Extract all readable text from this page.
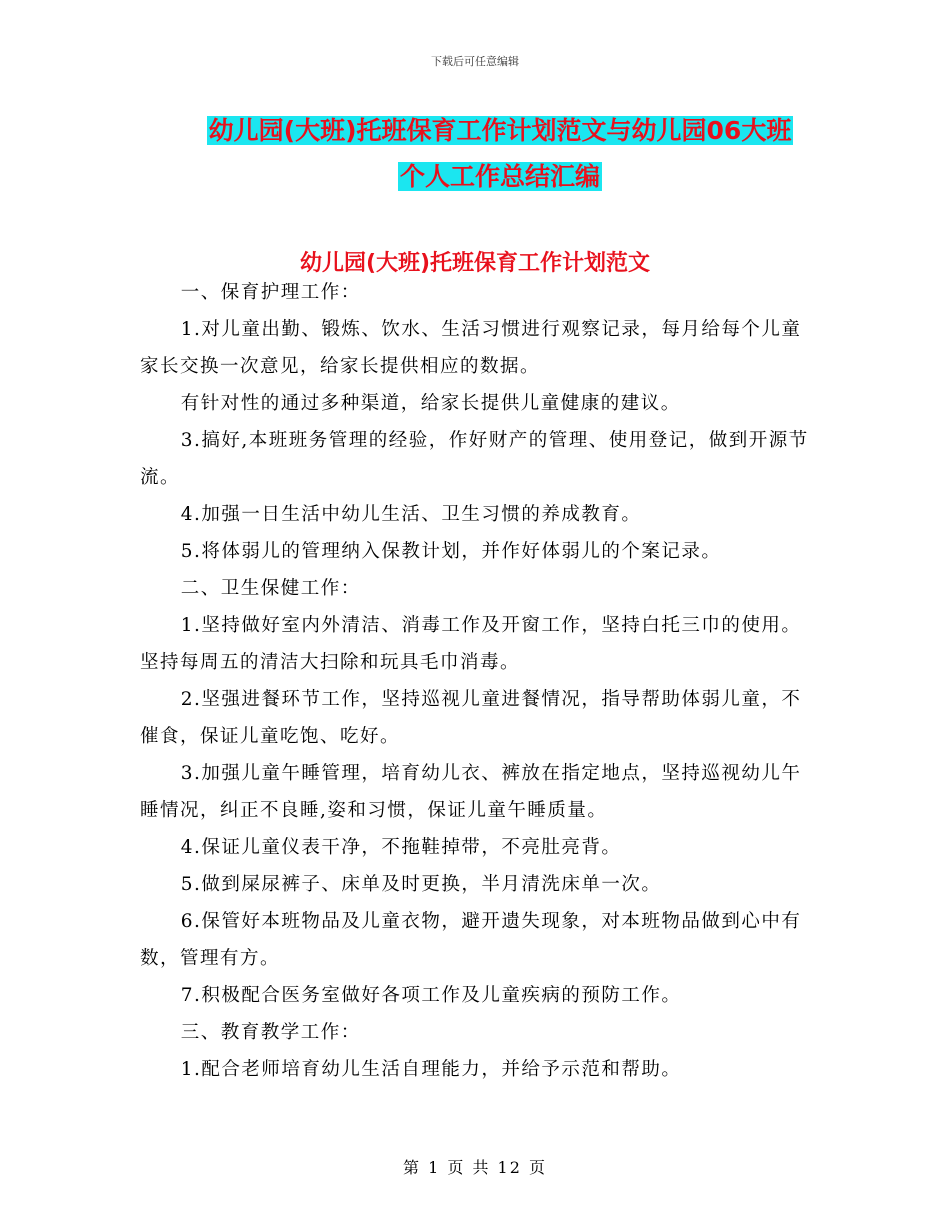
下载后可任意编辑
幼儿园(大班)托班保育工作计划范文与幼儿园06大班
个人工作总结汇编
幼儿园(大班)托班保育工作计划范文

一、保育护理工作：

1.对儿童出勤、锻炼、饮水、生活习惯进行观察记录，每月给每个儿童家长交换一次意见，给家长提供相应的数据。

有针对性的通过多种渠道，给家长提供儿童健康的建议。

3.搞好,本班班务管理的经验，作好财产的管理、使用登记，做到开源节流。

4.加强一日生活中幼儿生活、卫生习惯的养成教育。

5.将体弱儿的管理纳入保教计划，并作好体弱儿的个案记录。

二、卫生保健工作：

1.坚持做好室内外清洁、消毒工作及开窗工作，坚持白托三巾的使用。坚持每周五的清洁大扫除和玩具毛巾消毒。

2.坚强进餐环节工作，坚持巡视儿童进餐情况，指导帮助体弱儿童，不催食，保证儿童吃饱、吃好。

3.加强儿童午睡管理，培育幼儿衣、裤放在指定地点，坚持巡视幼儿午睡情况，纠正不良睡,姿和习惯，保证儿童午睡质量。

4.保证儿童仪表干净，不拖鞋掉带，不亮肚亮背。

5.做到屎尿裤子、床单及时更换，半月清洗床单一次。

6.保管好本班物品及儿童衣物，避开遗失现象，对本班物品做到心中有数，管理有方。

7.积极配合医务室做好各项工作及儿童疾病的预防工作。

三、教育教学工作：

1.配合老师培育幼儿生活自理能力，并给予示范和帮助。

第 1 页 共 12 页
